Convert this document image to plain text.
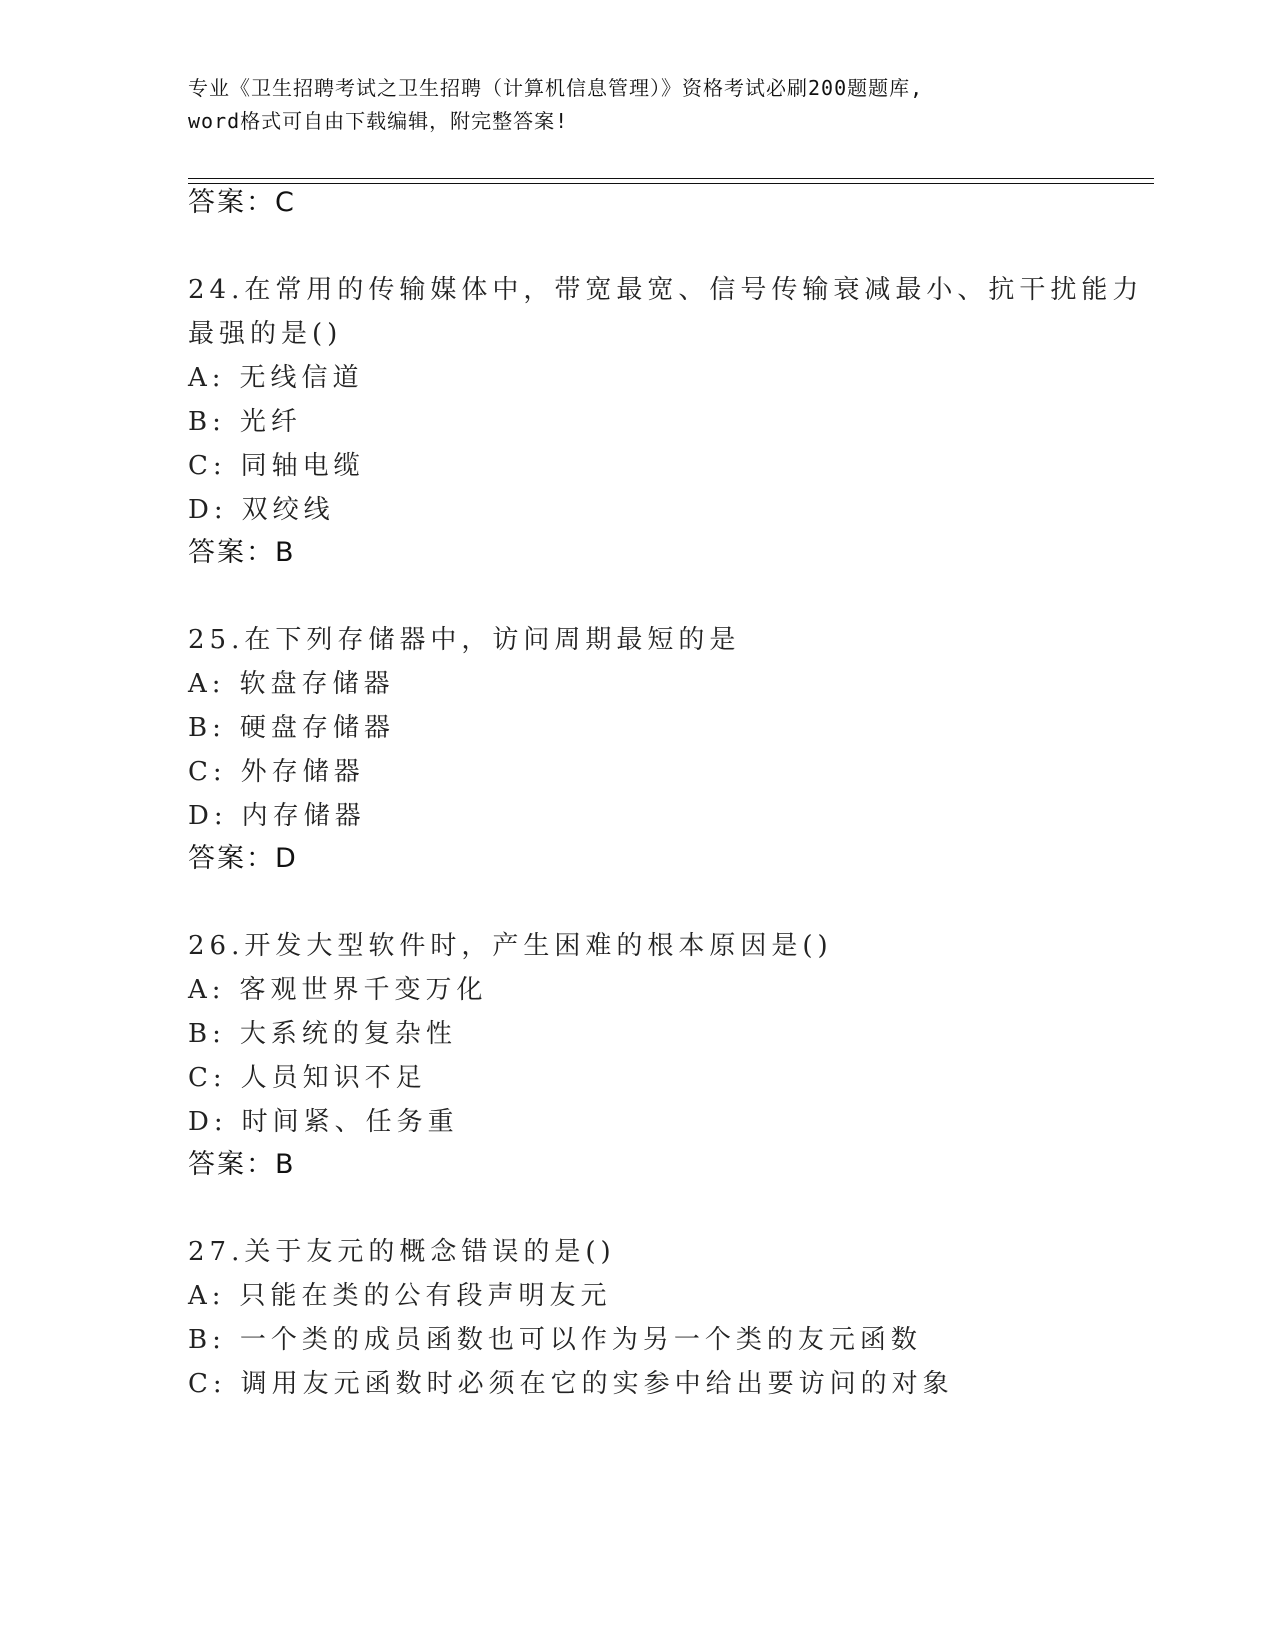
专业《卫生招聘考试之卫生招聘（计算机信息管理）》资格考试必刷200题题库,
word格式可自由下载编辑，附完整答案!
答案：C
24.在常用的传输媒体中，带宽最宽、信号传输衰减最小、抗干扰能力
最强的是()
A: 无线信道
B: 光纤
C: 同轴电缆
D: 双绞线
答案：B
25.在下列存储器中，访问周期最短的是
A: 软盘存储器
B: 硬盘存储器
C: 外存储器
D: 内存储器
答案：D
26.开发大型软件时，产生困难的根本原因是()
A: 客观世界千变万化
B: 大系统的复杂性
C: 人员知识不足
D: 时间紧、任务重
答案：B
27.关于友元的概念错误的是()
A: 只能在类的公有段声明友元
B: 一个类的成员函数也可以作为另一个类的友元函数
C: 调用友元函数时必须在它的实参中给出要访问的对象
